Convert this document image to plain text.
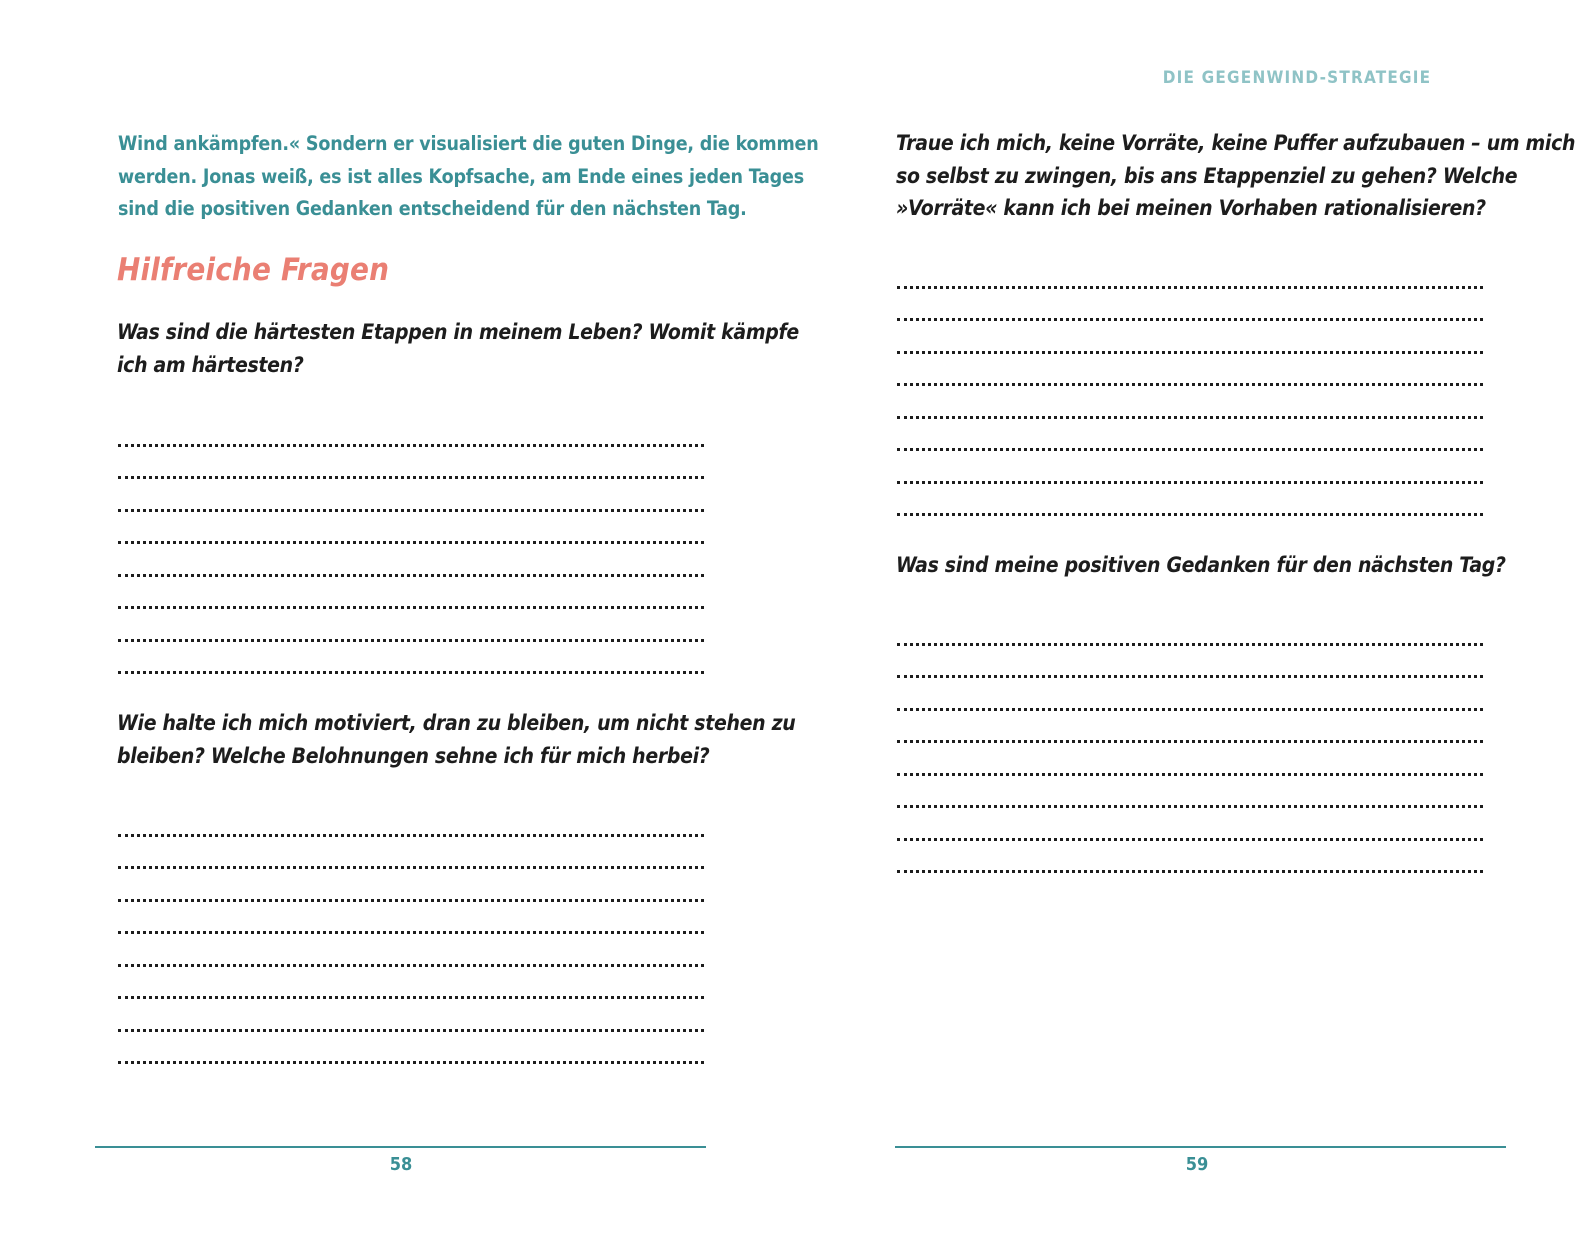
Wind ankämpfen.« Sondern er visualisiert die guten Dinge, die kommen
werden. Jonas weiß, es ist alles Kopfsache, am Ende eines jeden Tages
sind die positiven Gedanken entscheidend für den nächsten Tag.
Hilfreiche Fragen
Was sind die härtesten Etappen in meinem Leben? Womit kämpfe
ich am härtesten?
Wie halte ich mich motiviert, dran zu bleiben, um nicht stehen zu
bleiben? Welche Belohnungen sehne ich für mich herbei?
58
DIE GEGENWIND-STRATEGIE
Traue ich mich, keine Vorräte, keine Puffer aufzubauen – um mich
so selbst zu zwingen, bis ans Etappenziel zu gehen? Welche
»Vorräte« kann ich bei meinen Vorhaben rationalisieren?
Was sind meine positiven Gedanken für den nächsten Tag?
59
